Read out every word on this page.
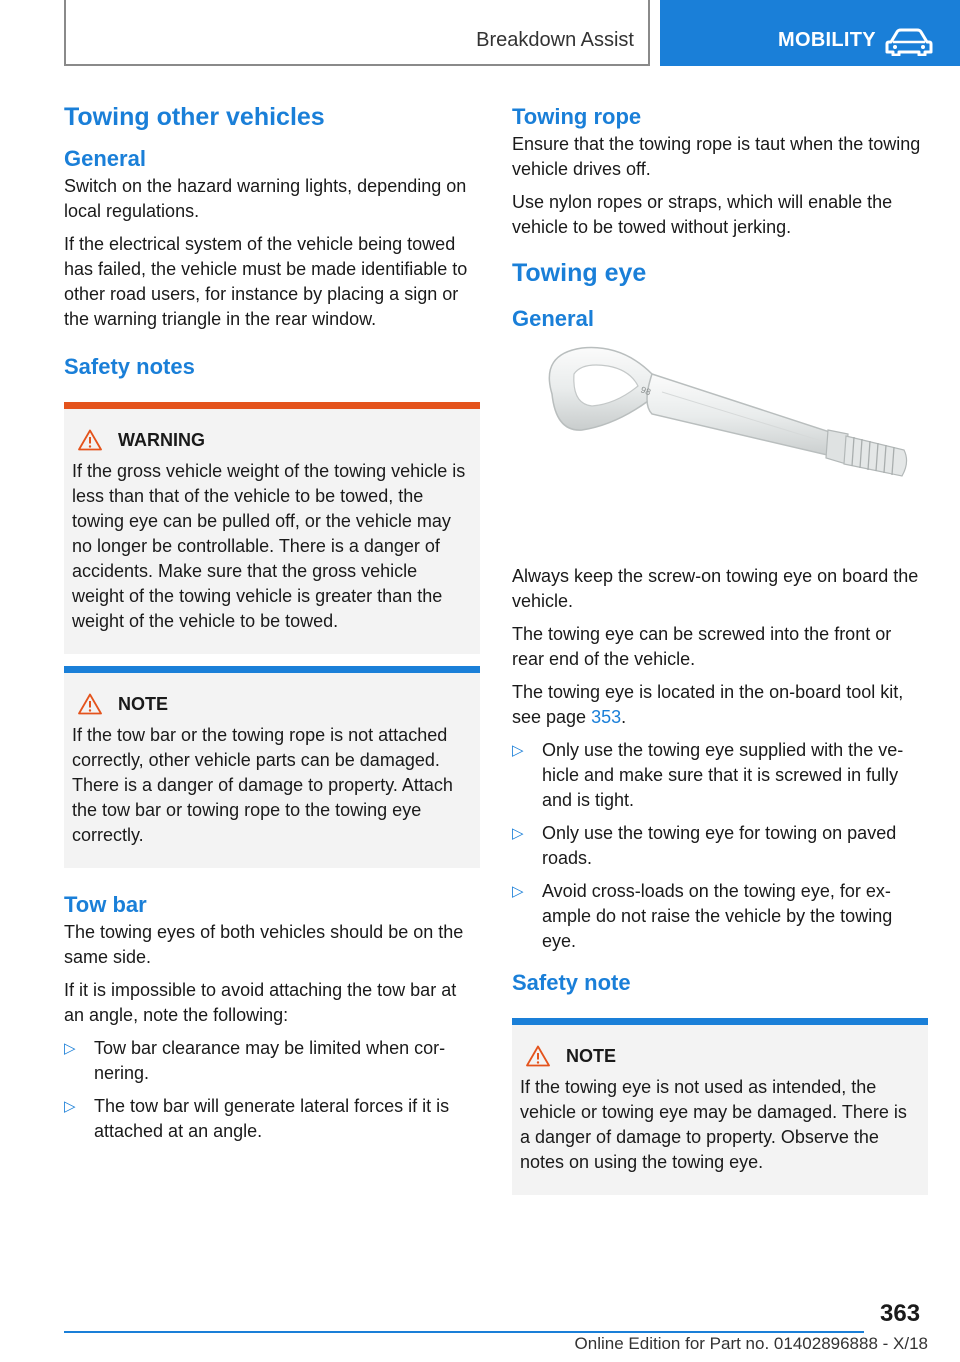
Breakdown Assist	MOBILITY
Towing other vehicles
General

Switch on the hazard warning lights, depending on local regulations.

If the electrical system of the vehicle being towed has failed, the vehicle must be made identifiable to other road users, for instance by placing a sign or the warning triangle in the rear window.

Safety notes
WARNING

If the gross vehicle weight of the towing vehicle is less than that of the vehicle to be towed, the towing eye can be pulled off, or the vehicle may no longer be controllable. There is a danger of accidents. Make sure that the gross vehicle weight of the towing vehicle is greater than the weight of the vehicle to be towed.

NOTE

If the tow bar or the towing rope is not attached correctly, other vehicle parts can be damaged. There is a danger of damage to property. Attach the tow bar or towing rope to the towing eye correctly.

Tow bar

The towing eyes of both vehicles should be on the same side.

If it is impossible to avoid attaching the tow bar at an angle, note the following:

▷ Tow bar clearance may be limited when cornering.
▷ The tow bar will generate lateral forces if it is attached at an angle.
Towing rope

Ensure that the towing rope is taut when the towing vehicle drives off.

Use nylon ropes or straps, which will enable the vehicle to be towed without jerking.

Towing eye
General
98

Always keep the screw-on towing eye on board the vehicle.

The towing eye can be screwed into the front or rear end of the vehicle.

The towing eye is located in the on-board tool kit, see page 353.

▷ Only use the towing eye supplied with the vehicle and make sure that it is screwed in fully and is tight.
▷ Only use the towing eye for towing on paved roads.
▷ Avoid cross-loads on the towing eye, for example do not raise the vehicle by the towing eye.
Safety note
NOTE

If the towing eye is not used as intended, the vehicle or towing eye may be damaged. There is a danger of damage to property. Observe the notes on using the towing eye.

363
Online Edition for Part no. 01402896888 - X/18
